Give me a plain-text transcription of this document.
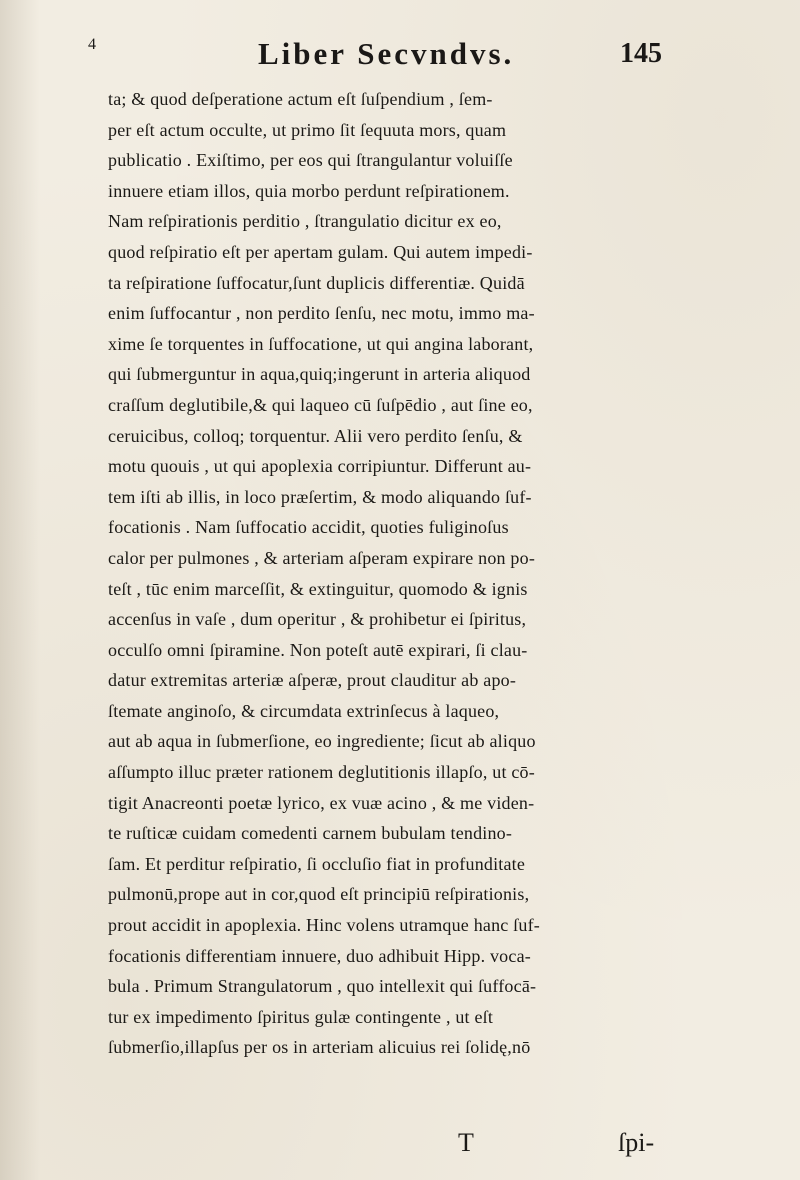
4	Liber Secvndvs.	145
ta; & quod deſperatione actum eſt ſuſpendium , ſem-
per eſt actum occulte, ut primo ſit ſequuta mors, quam
publicatio . Exiſtimo, per eos qui ſtrangulantur voluiſſe
innuere etiam illos, quia morbo perdunt reſpirationem.
Nam reſpirationis perditio , ſtrangulatio dicitur ex eo,
quod reſpiratio eſt per apertam gulam. Qui autem impedi-
ta reſpiratione ſuffocatur,ſunt duplicis differentiæ. Quidā
enim ſuffocantur , non perdito ſenſu, nec motu, immo ma-
xime ſe torquentes in ſuffocatione, ut qui angina laborant,
qui ſubmerguntur in aqua,quiq;ingerunt in arteria aliquod
craſſum deglutibile,& qui laqueo cū ſuſpēdio , aut ſine eo,
ceruicibus, colloq; torquentur. Alii vero perdito ſenſu, &
motu quouis , ut qui apoplexia corripiuntur. Differunt au-
tem iſti ab illis, in loco præſertim, & modo aliquando ſuf-
focationis . Nam ſuffocatio accidit, quoties fuliginoſus
calor per pulmones , & arteriam aſperam expirare non po-
teſt , tūc enim marceſſit, & extinguitur, quomodo & ignis
accenſus in vaſe , dum operitur , & prohibetur ei ſpiritus,
occulſo omni ſpiramine. Non poteſt autē expirari, ſi clau-
datur extremitas arteriæ aſperæ, prout clauditur ab apo-
ſtemate anginoſo, & circumdata extrinſecus à laqueo,
aut ab aqua in ſubmerſione, eo ingrediente; ſicut ab aliquo
aſſumpto illuc præter rationem deglutitionis illapſo, ut cō-
tigit Anacreonti poetæ lyrico, ex vuæ acino , & me viden-
te ruſticæ cuidam comedenti carnem bubulam tendino-
ſam. Et perditur reſpiratio, ſi occluſio fiat in profunditate
pulmonū,prope aut in cor,quod eſt principiū reſpirationis,
prout accidit in apoplexia. Hinc volens utramque hanc ſuf-
focationis differentiam innuere, duo adhibuit Hipp. voca-
bula . Primum Strangulatorum , quo intellexit qui ſuffocā-
tur ex impedimento ſpiritus gulæ contingente , ut eſt
ſubmerſio,illapſus per os in arteriam alicuius rei ſolidę,nō
T	ſpi-
